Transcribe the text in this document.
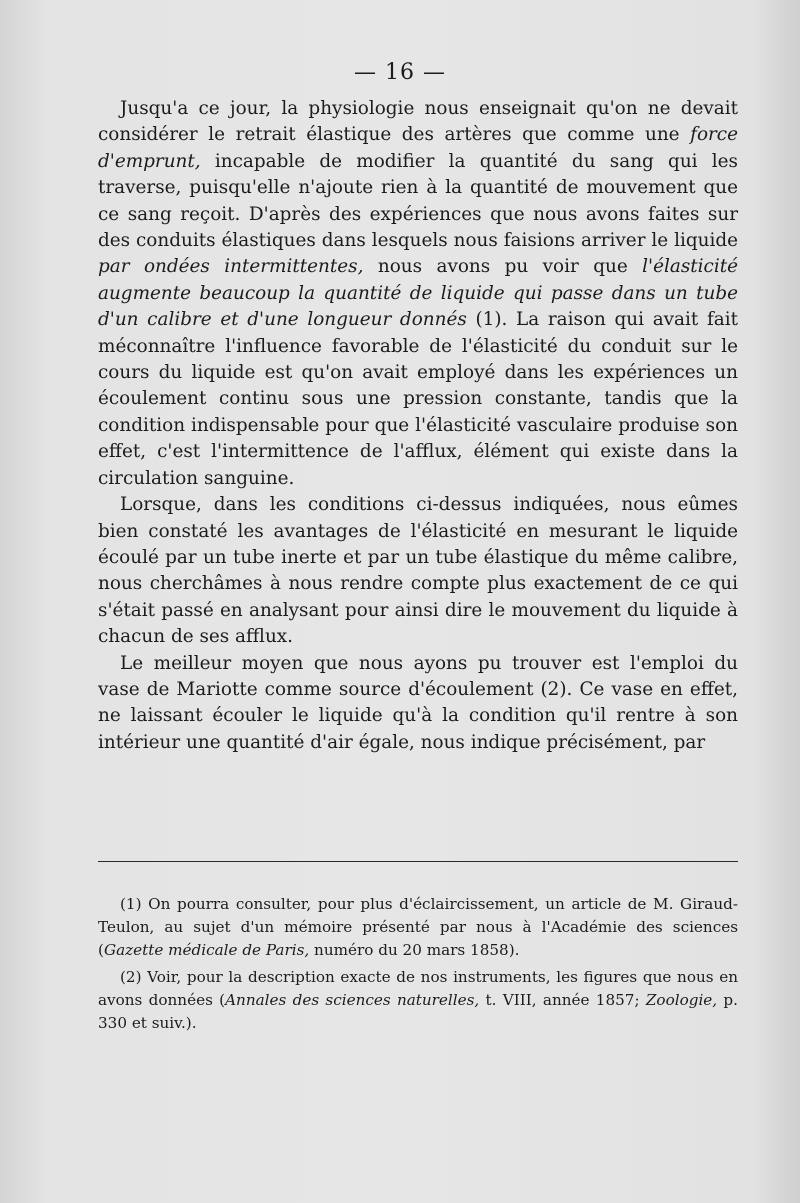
— 16 —

Jusqu'a ce jour, la physiologie nous enseignait qu'on ne devait considérer le retrait élastique des artères que comme une force d'emprunt, incapable de modifier la quantité du sang qui les traverse, puisqu'elle n'ajoute rien à la quantité de mouvement que ce sang reçoit. D'après des expériences que nous avons faites sur des conduits élastiques dans lesquels nous faisions arriver le liquide par ondées intermittentes, nous avons pu voir que l'élasticité augmente beaucoup la quantité de liquide qui passe dans un tube d'un calibre et d'une longueur donnés (1). La raison qui avait fait méconnaître l'influence favorable de l'élasticité du conduit sur le cours du liquide est qu'on avait employé dans les expériences un écoulement continu sous une pression constante, tandis que la condition indispensable pour que l'élasticité vasculaire produise son effet, c'est l'intermittence de l'afflux, élément qui existe dans la circulation sanguine.

Lorsque, dans les conditions ci-dessus indiquées, nous eûmes bien constaté les avantages de l'élasticité en mesurant le liquide écoulé par un tube inerte et par un tube élastique du même calibre, nous cherchâmes à nous rendre compte plus exactement de ce qui s'était passé en analysant pour ainsi dire le mouvement du liquide à chacun de ses afflux.

Le meilleur moyen que nous ayons pu trouver est l'emploi du vase de Mariotte comme source d'écoulement (2). Ce vase en effet, ne laissant écouler le liquide qu'à la condition qu'il rentre à son intérieur une quantité d'air égale, nous indique précisément, par

(1) On pourra consulter, pour plus d'éclaircissement, un article de M. Giraud-Teulon, au sujet d'un mémoire présenté par nous à l'Académie des sciences (Gazette médicale de Paris, numéro du 20 mars 1858).

(2) Voir, pour la description exacte de nos instruments, les figures que nous en avons données (Annales des sciences naturelles, t. VIII, année 1857; Zoologie, p. 330 et suiv.).
